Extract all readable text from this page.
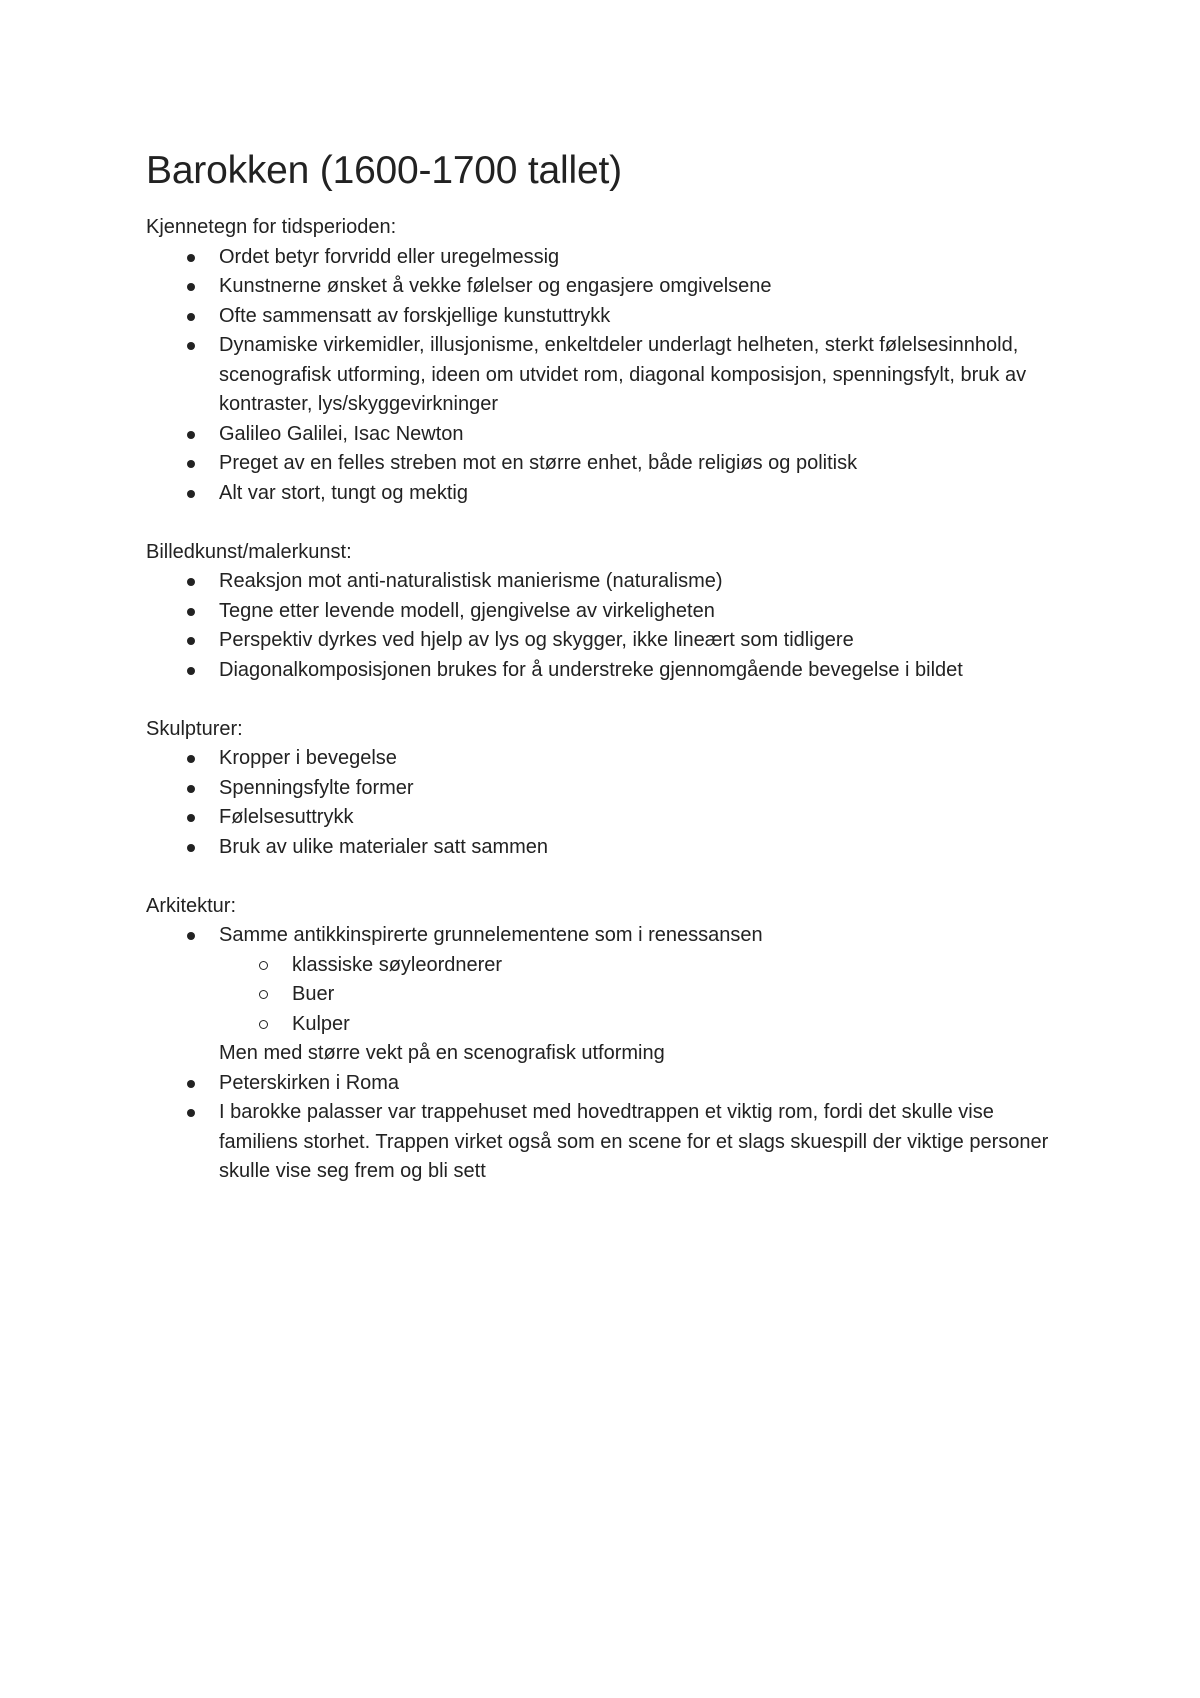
Barokken (1600-1700 tallet)

Kjennetegn for tidsperioden:

Ordet betyr forvridd eller uregelmessig
Kunstnerne ønsket å vekke følelser og engasjere omgivelsene
Ofte sammensatt av forskjellige kunstuttrykk
Dynamiske virkemidler, illusjonisme, enkeltdeler underlagt helheten, sterkt følelsesinnhold, scenografisk utforming, ideen om utvidet rom, diagonal komposisjon, spenningsfylt, bruk av kontraster, lys/skyggevirkninger
Galileo Galilei, Isac Newton
Preget av en felles streben mot en større enhet, både religiøs og politisk
Alt var stort, tungt og mektig

Billedkunst/malerkunst:

Reaksjon mot anti-naturalistisk manierisme (naturalisme)
Tegne etter levende modell, gjengivelse av virkeligheten
Perspektiv dyrkes ved hjelp av lys og skygger, ikke lineært som tidligere
Diagonalkomposisjonen brukes for å understreke gjennomgående bevegelse i bildet

Skulpturer:

Kropper i bevegelse
Spenningsfylte former
Følelsesuttrykk
Bruk av ulike materialer satt sammen

Arkitektur:

Samme antikkinspirerte grunnelementene som i renessansen
klassiske søyleordnerer
Buer
Kulper
Men med større vekt på en scenografisk utforming
Peterskirken i Roma
I barokke palasser var trappehuset med hovedtrappen et viktig rom, fordi det skulle vise familiens storhet. Trappen virket også som en scene for et slags skuespill der viktige personer skulle vise seg frem og bli sett
